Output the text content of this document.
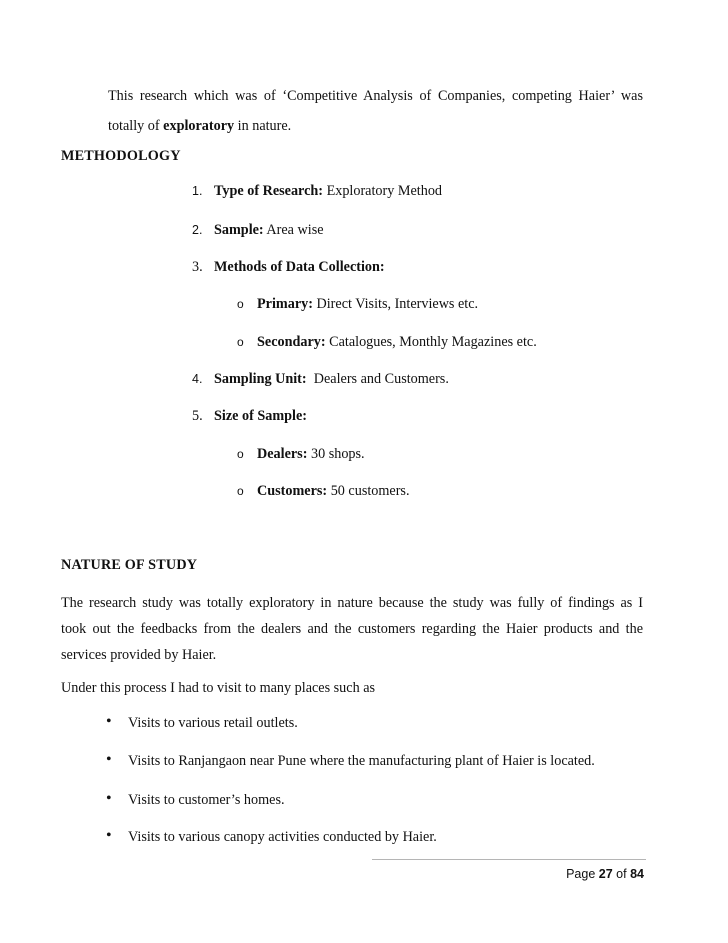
This research which was of ‘Competitive Analysis of Companies, competing Haier’ was
totally of exploratory in nature.
METHODOLOGY
1. Type of Research: Exploratory Method
2. Sample: Area wise
3. Methods of Data Collection:
o Primary: Direct Visits, Interviews etc.
o Secondary: Catalogues, Monthly Magazines etc.
4. Sampling Unit:  Dealers and Customers.
5. Size of Sample:
o Dealers: 30 shops.
o Customers: 50 customers.
NATURE OF STUDY
The research study was totally exploratory in nature because the study was fully of findings as I
took out the feedbacks from the dealers and the customers regarding the Haier products and the
services provided by Haier.
Under this process I had to visit to many places such as
• Visits to various retail outlets.
• Visits to Ranjangaon near Pune where the manufacturing plant of Haier is located.
• Visits to customer’s homes.
• Visits to various canopy activities conducted by Haier.
Page 27 of 84
